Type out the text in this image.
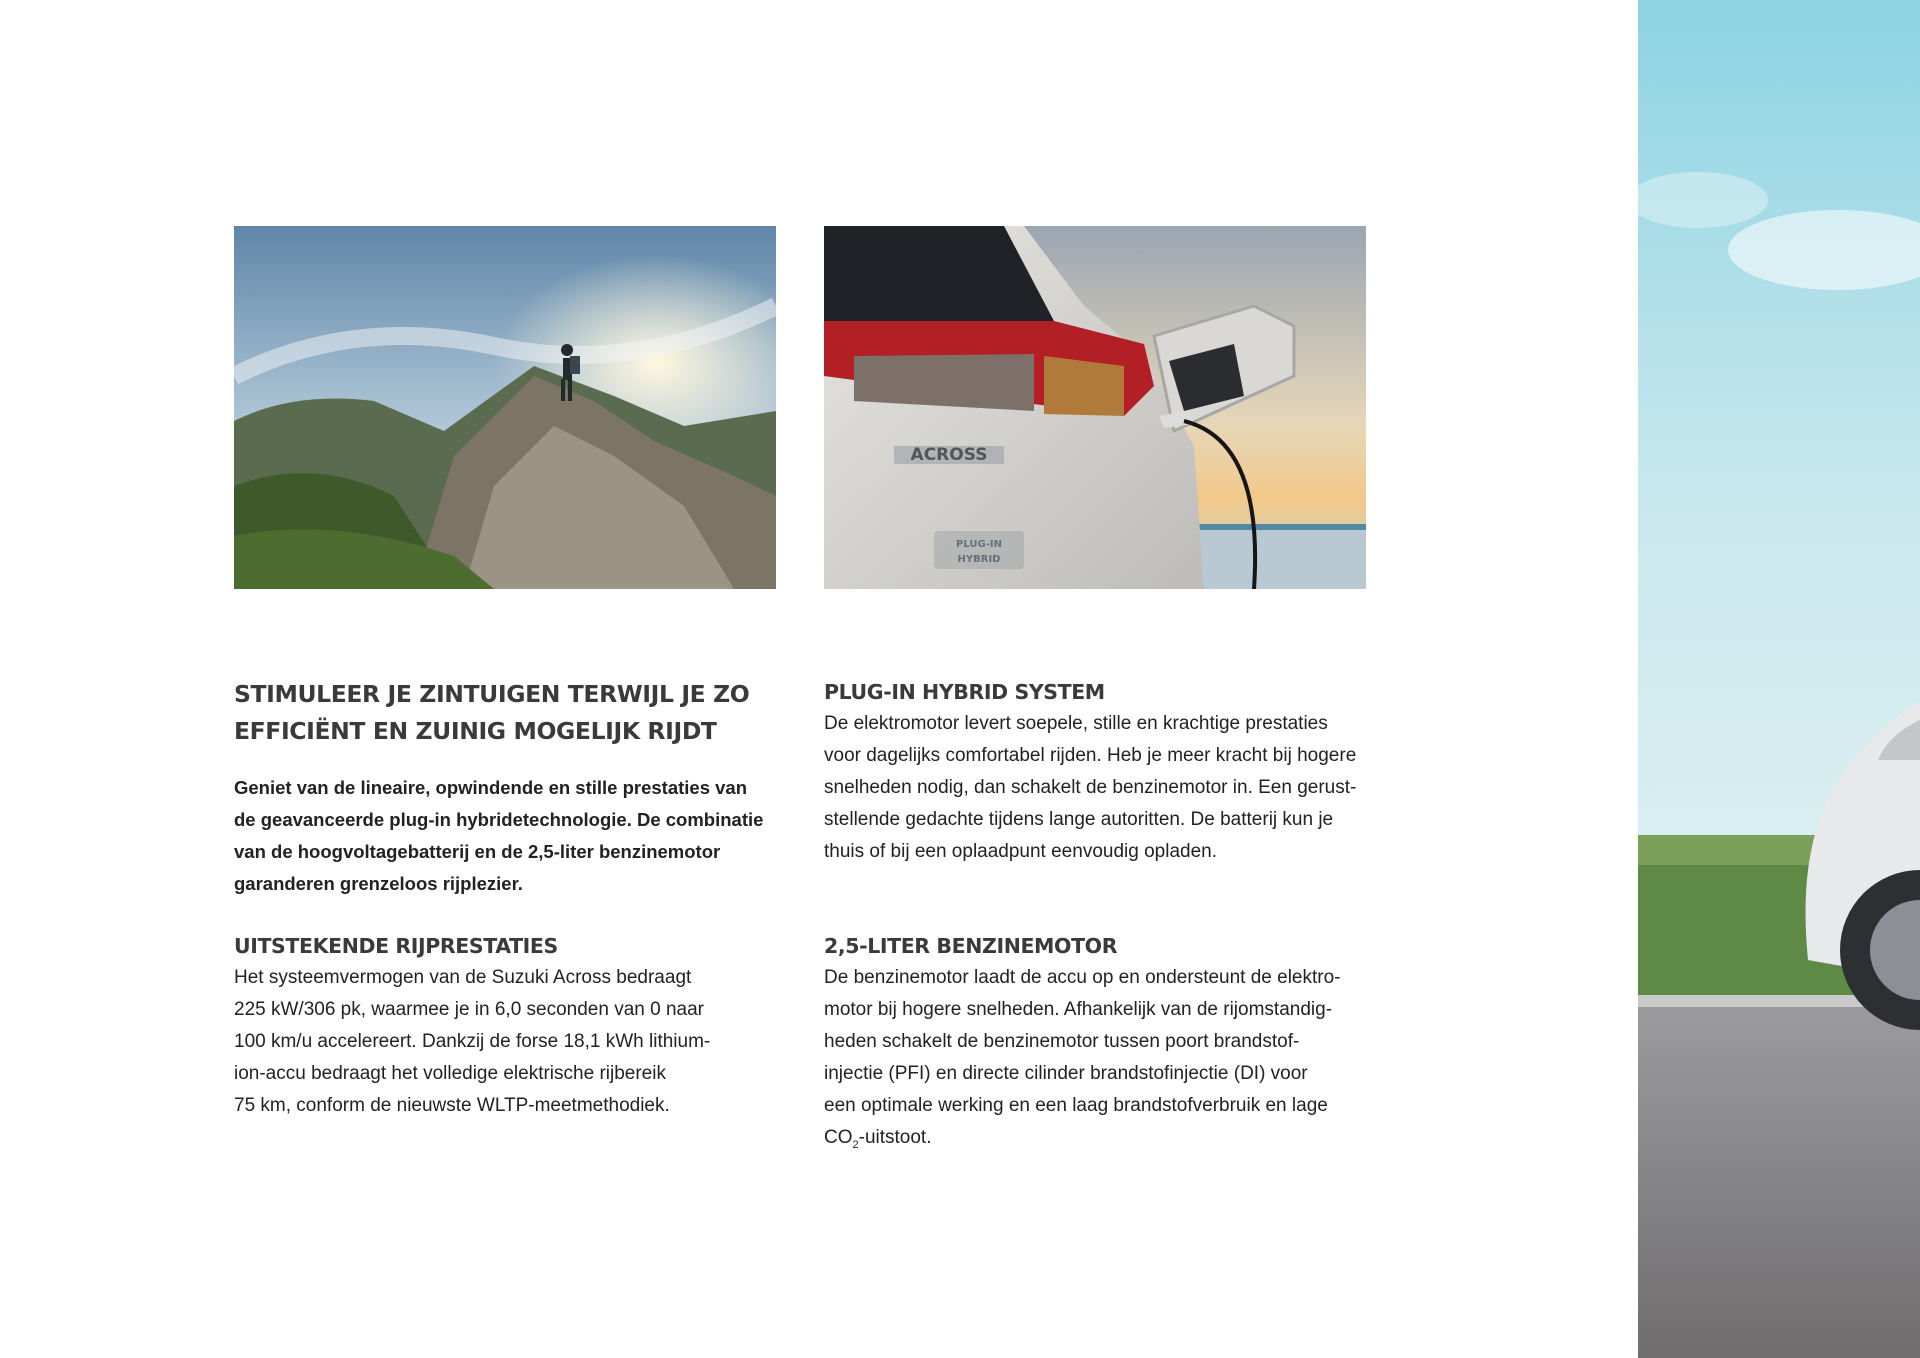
ACROSS
PLUG-IN
HYBRID
STIMULEER JE ZINTUIGEN TERWIJL JE ZO
EFFICIËNT EN ZUINIG MOGELIJK RIJDT

Geniet van de lineaire, opwindende en stille prestaties van
de geavanceerde plug-in hybridetechnologie. De combinatie
van de hoogvoltagebatterij en de 2,5-liter benzinemotor
garanderen grenzeloos rijplezier.

UITSTEKENDE RIJPRESTATIES

Het systeemvermogen van de Suzuki Across bedraagt
225 kW/306 pk, waarmee je in 6,0 seconden van 0 naar
100 km/u accelereert. Dankzij de forse 18,1 kWh lithium-
ion-accu bedraagt het volledige elektrische rijbereik
75 km, conform de nieuwste WLTP-meetmethodiek.

PLUG-IN HYBRID SYSTEM

De elektromotor levert soepele, stille en krachtige prestaties
voor dagelijks comfortabel rijden. Heb je meer kracht bij hogere
snelheden nodig, dan schakelt de benzinemotor in. Een gerust-
stellende gedachte tijdens lange autoritten. De batterij kun je
thuis of bij een oplaadpunt eenvoudig opladen.

2,5-LITER BENZINEMOTOR

De benzinemotor laadt de accu op en ondersteunt de elektro-
motor bij hogere snelheden. Afhankelijk van de rijomstandig-
heden schakelt de benzinemotor tussen poort brandstof-
injectie (PFI) en directe cilinder brandstofinjectie (DI) voor
een optimale werking en een laag brandstofverbruik en lage
$CO_2$-uitstoot.
